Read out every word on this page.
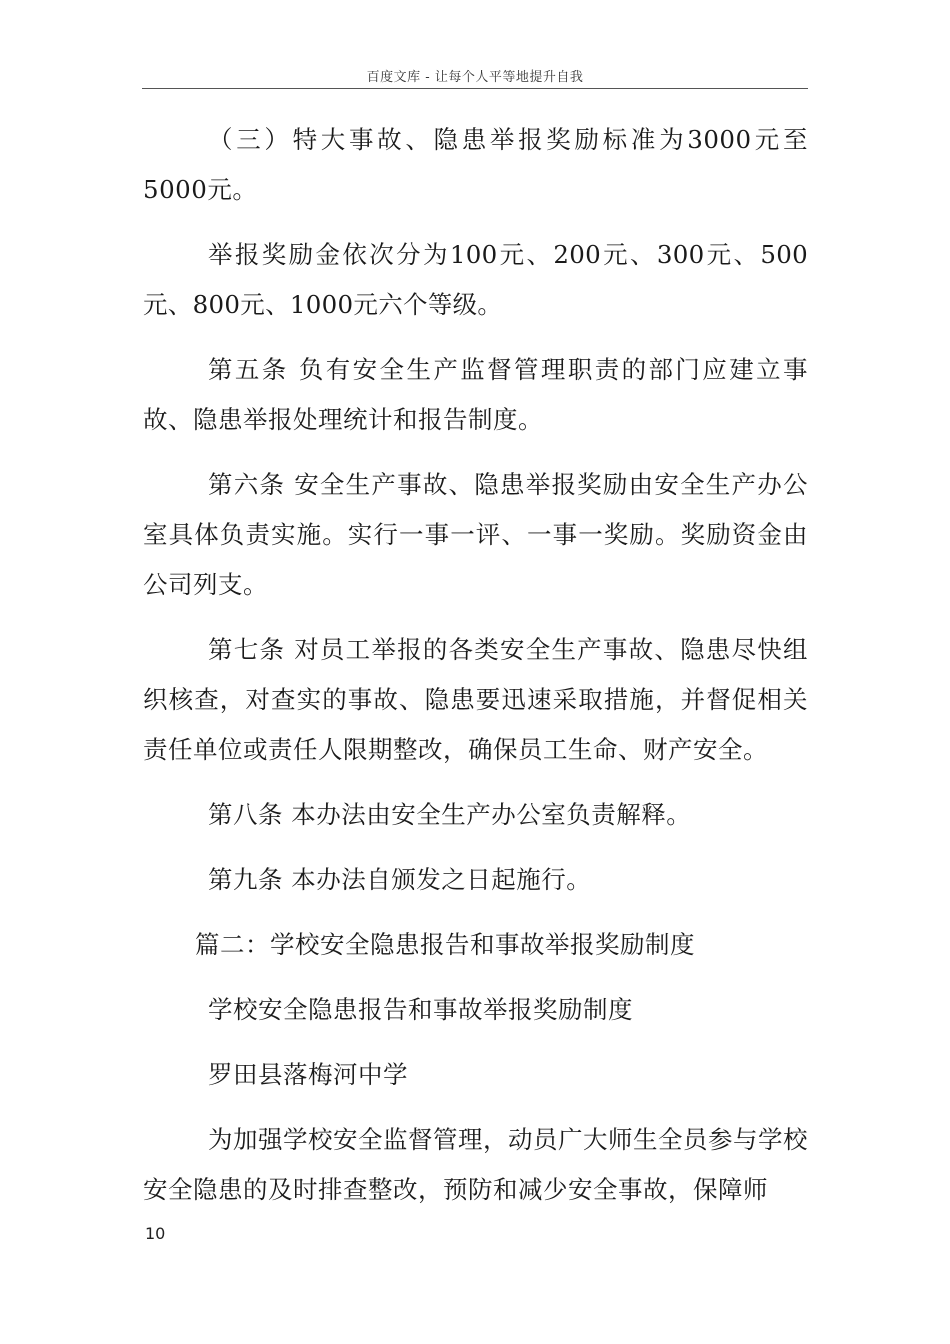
百度文库 - 让每个人平等地提升自我

（三）特大事故、隐患举报奖励标准为3000元至5000元。

举报奖励金依次分为100元、200元、300元、500元、800元、1000元六个等级。

第五条 负有安全生产监督管理职责的部门应建立事故、隐患举报处理统计和报告制度。

第六条 安全生产事故、隐患举报奖励由安全生产办公室具体负责实施。实行一事一评、一事一奖励。奖励资金由公司列支。

第七条 对员工举报的各类安全生产事故、隐患尽快组织核查，对查实的事故、隐患要迅速采取措施，并督促相关责任单位或责任人限期整改，确保员工生命、财产安全。

第八条 本办法由安全生产办公室负责解释。

第九条 本办法自颁发之日起施行。

篇二：学校安全隐患报告和事故举报奖励制度

学校安全隐患报告和事故举报奖励制度

罗田县落梅河中学

为加强学校安全监督管理，动员广大师生全员参与学校安全隐患的及时排查整改，预防和减少安全事故，保障师

10
